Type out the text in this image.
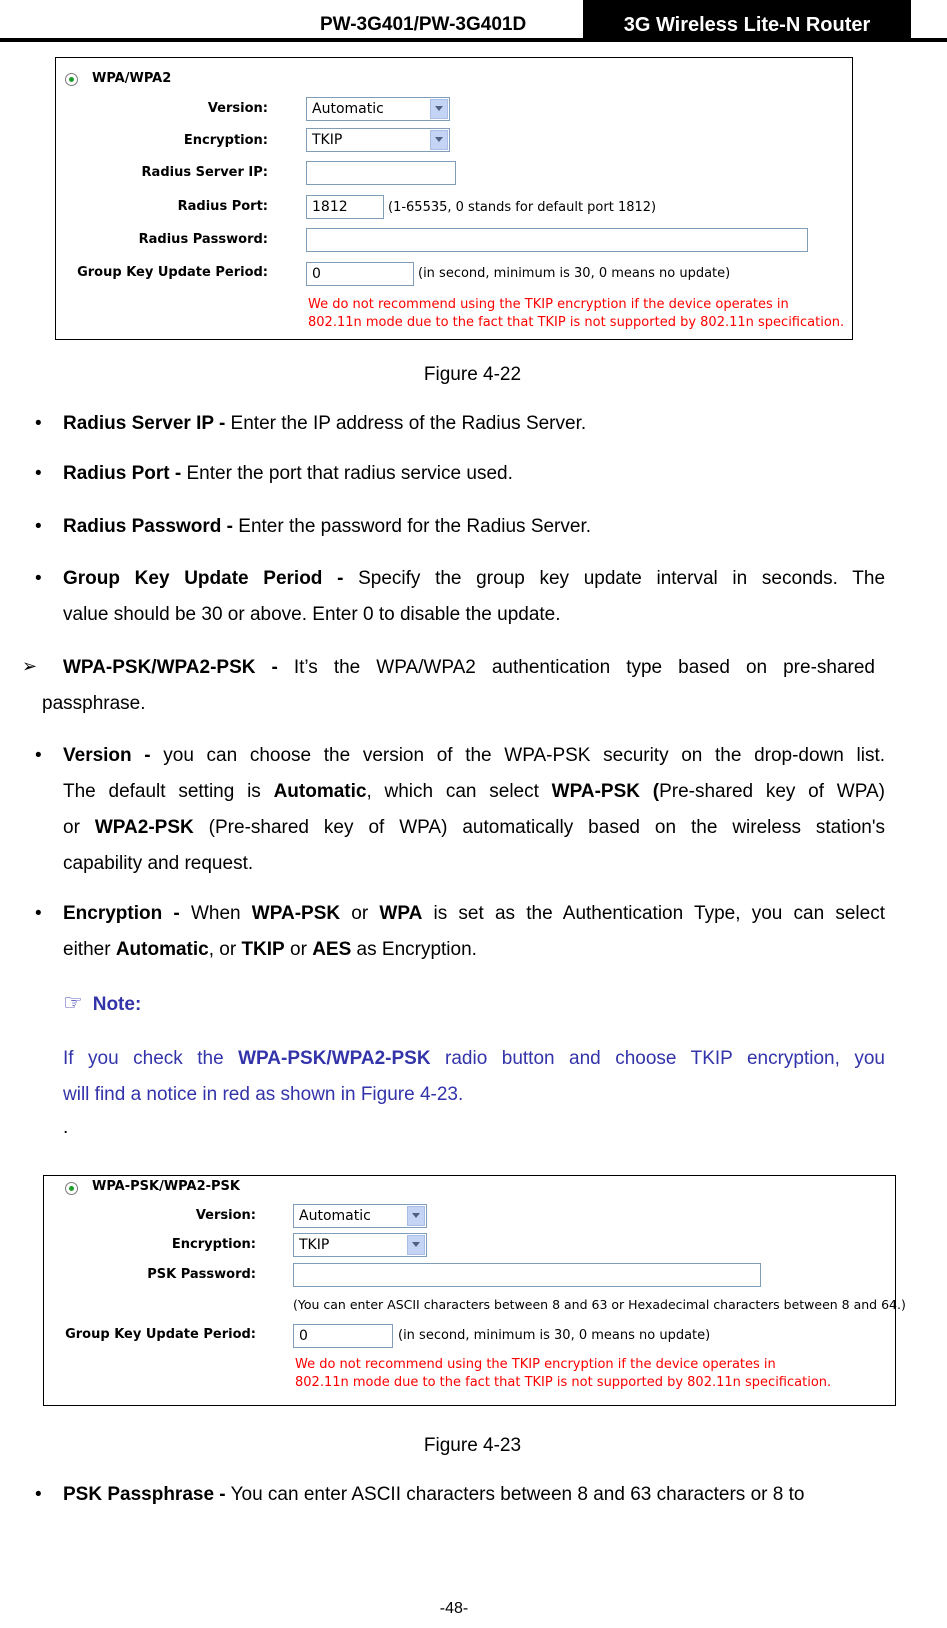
PW-3G401/PW-3G401D	3G Wireless Lite-N Router
WPA/WPA2
Version:	Automatic
Encryption:	TKIP
Radius Server IP:
Radius Port:	1812	(1-65535, 0 stands for default port 1812)
Radius Password:
Group Key Update Period:	0	(in second, minimum is 30, 0 means no update)
We do not recommend using the TKIP encryption if the device operates in
802.11n mode due to the fact that TKIP is not supported by 802.11n specification.
Figure 4-22
• Radius Server IP - Enter the IP address of the Radius Server.
• Radius Port - Enter the port that radius service used.
• Radius Password - Enter the password for the Radius Server.
• Group Key Update Period - Specify the group key update interval in seconds. The
value should be 30 or above. Enter 0 to disable the update.
➢ WPA-PSK/WPA2-PSK - It’s the WPA/WPA2 authentication type based on pre-shared
passphrase.
• Version - you can choose the version of the WPA-PSK security on the drop-down list.
The default setting is Automatic, which can select WPA-PSK (Pre-shared key of WPA)
or WPA2-PSK (Pre-shared key of WPA) automatically based on the wireless station's
capability and request.
• Encryption - When WPA-PSK or WPA is set as the Authentication Type, you can select
either Automatic, or TKIP or AES as Encryption.
☞ Note:
If you check the WPA-PSK/WPA2-PSK radio button and choose TKIP encryption, you
will find a notice in red as shown in Figure 4-23.
.
WPA-PSK/WPA2-PSK
Version:	Automatic
Encryption:	TKIP
PSK Password:
(You can enter ASCII characters between 8 and 63 or Hexadecimal characters between 8 and 64.)
Group Key Update Period:	0	(in second, minimum is 30, 0 means no update)
We do not recommend using the TKIP encryption if the device operates in
802.11n mode due to the fact that TKIP is not supported by 802.11n specification.
Figure 4-23
• PSK Passphrase - You can enter ASCII characters between 8 and 63 characters or 8 to
-48-
